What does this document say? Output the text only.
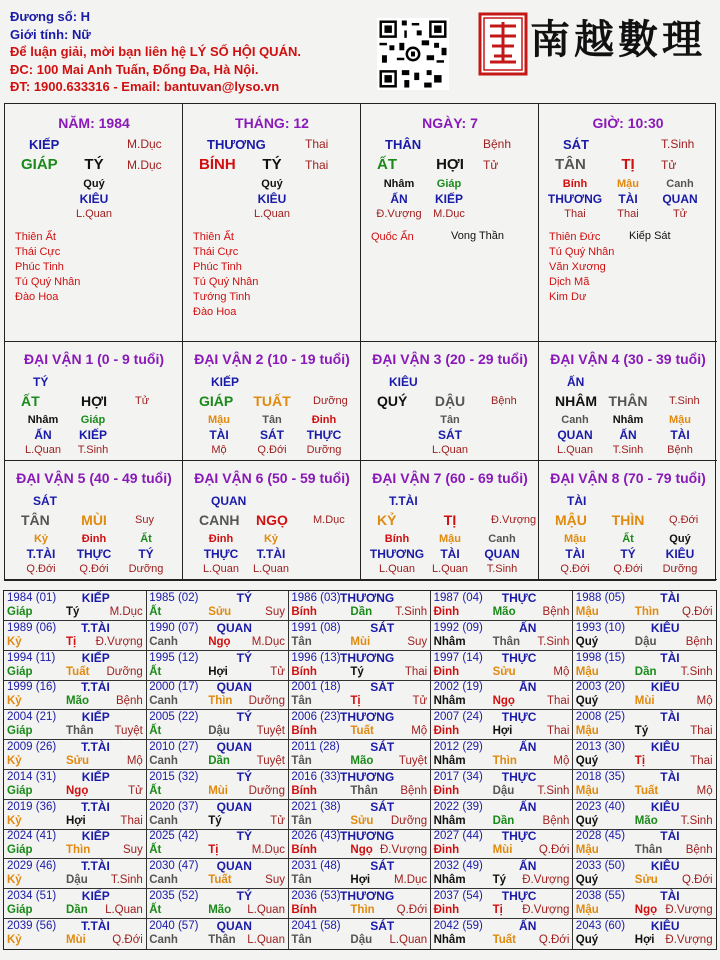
Đương số: H
Giới tính: Nữ
Để luận giải, mời bạn liên hệ LÝ SỐ HỘI QUÁN.
ĐC: 100 Mai Anh Tuấn, Đống Đa, Hà Nội.
ĐT: 1900.633316 - Email: bantuvan@lyso.vn
南越數理
NĂM: 1984
KIẾP	M.Dục
GIÁP TÝ M.Dục
Quý
KIÊU
L.Quan
Thiên Ất
Thái Cực
Phúc Tinh
Tú Quý Nhân
Đào Hoa
THÁNG: 12
THƯƠNG	Thai
BÍNH TÝ Thai
Quý
KIÊU
L.Quan
Thiên Ất
Thái Cực
Phúc Tinh
Tú Quý Nhân
Tướng Tinh
Đào Hoa
NGÀY: 7
THÂN	Bệnh
ẤT	HỢI Tử
Nhâm
ẤN
Đ.Vượng
Giáp
KIẾP
M.Dục
Quốc Ấn	Vong Thần
GIỜ: 10:30
SÁT	T.Sinh
TÂN TỊ Tử
Bính
THƯƠNG
Thai
Mậu
TÀI
Thai
Canh
QUAN
Tử
Thiên Đức
Tú Quý Nhân
Văn Xương
Dịch Mã
Kim Dư
Kiếp Sát
ĐẠI VẬN 1 (0 - 9 tuổi)
TÝ
ẤT	HỢI	Tử
Nhâm
ẤN
L.Quan
Giáp
KIẾP
T.Sinh
ĐẠI VẬN 2 (10 - 19 tuổi)
KIẾP
GIÁP TUẤT Dưỡng
Mậu
TÀI
Mộ
Tân
SÁT
Q.Đới
Đinh
THỰC
Dưỡng
ĐẠI VẬN 3 (20 - 29 tuổi)
KIÊU
QUÝ DẬU Bệnh
Tân
SÁT
L.Quan
ĐẠI VẬN 4 (30 - 39 tuổi)
ẤN
NHÂM THÂN T.Sinh
Canh
QUAN
L.Quan
Nhâm
ẤN
T.Sinh
Mậu
TÀI
Bệnh
ĐẠI VẬN 5 (40 - 49 tuổi)
SÁT
TÂN MÙI	Suy
Kỷ
T.TÀI
Q.Đới
Đinh
THỰC
Q.Đới
Ất
TÝ
Dưỡng
ĐẠI VẬN 6 (50 - 59 tuổi)
QUAN
CANH NGỌ M.Dục
Đinh
THỰC
L.Quan
Kỷ
T.TÀI
L.Quan
ĐẠI VẬN 7 (60 - 69 tuổi)
T.TÀI
KỶ	TỊ	Đ.Vượng
Bính
THƯƠNG
L.Quan
Mậu
TÀI
L.Quan
Canh
QUAN
T.Sinh
ĐẠI VẬN 8 (70 - 79 tuổi)
TÀI
MẬU THÌN Q.Đới
Mậu
TÀI
Q.Đới
Ất
TÝ
Q.Đới
Quý
KIÊU
Dưỡng
1984 (01) KIẾP
Giáp	Tý	M.Dục
1985 (02)	TÝ
Ất	Sửu	Suy
1986 (03) THƯƠNG
Bính	Dần T.Sinh
1987 (04) THỰC
Đinh	Mão Bệnh
1988 (05)	TÀI
Mậu	Thìn Q.Đới
1989 (06) T.TÀI
Kỷ	Tị Đ.Vượng
1990 (07) QUAN
Canh	Ngọ M.Dục
1991 (08) SÁT
Tân	Mùi	Suy
1992 (09)	ẤN
Nhâm Thân T.Sinh
1993 (10) KIÊU
Quý	Dậu	Bệnh
1994 (11) KIẾP
Giáp	Tuất Dưỡng
1995 (12)	TÝ
Ất	Hợi	Tử
1996 (13) THƯƠNG
Bính	Tý	Thai
1997 (14) THỰC
Đinh	Sửu	Mộ
1998 (15)	TÀI
Mậu	Dần T.Sinh
1999 (16) T.TÀI
Kỷ	Mão Bệnh
2000 (17) QUAN
Canh	Thìn Dưỡng
2001 (18) SÁT
Tân	Tị	Tử
2002 (19)	ẤN
Nhâm Ngọ	Thai
2003 (20) KIÊU
Quý	Mùi	Mộ
2004 (21) KIẾP
Giáp	Thân Tuyệt
2005 (22)	TÝ
Ất	Dậu Tuyệt
2006 (23) THƯƠNG
Bính	Tuất	Mộ
2007 (24) THỰC
Đinh	Hợi	Thai
2008 (25)	TÀI
Mậu	Tý	Thai
2009 (26) T.TÀI
Kỷ	Sửu	Mộ
2010 (27) QUAN
Canh	Dần Tuyệt
2011 (28)	SÁT
Tân	Mão Tuyệt
2012 (29)	ẤN
Nhâm Thìn	Mộ
2013 (30) KIÊU
Quý	Tị	Thai
2014 (31) KIẾP
Giáp	Ngọ	Tử
2015 (32)	TÝ
Ất	Mùi Dưỡng
2016 (33) THƯƠNG
Bính	Thân Bệnh
2017 (34) THỰC
Đinh	Dậu T.Sinh
2018 (35)	TÀI
Mậu	Tuất	Mộ
2019 (36) T.TÀI
Kỷ	Hợi	Thai
2020 (37) QUAN
Canh	Tý	Tử
2021 (38) SÁT
Tân	Sửu Dưỡng
2022 (39)	ẤN
Nhâm Dần Bệnh
2023 (40) KIÊU
Quý	Mão T.Sinh
2024 (41) KIẾP
Giáp	Thìn	Suy
2025 (42)	TÝ
Ất	Tị	M.Dục
2026 (43) THƯƠNG
Bính	Ngọ Đ.Vượng
2027 (44) THỰC
Đinh	Mùi Q.Đới
2028 (45)	TÀI
Mậu	Thân Bệnh
2029 (46) T.TÀI
Kỷ	Dậu T.Sinh
2030 (47) QUAN
Canh	Tuất	Suy
2031 (48) SÁT
Tân	Hợi M.Dục
2032 (49)	ẤN
Nhâm Tý Đ.Vượng
2033 (50) KIÊU
Quý	Sửu Q.Đới
2034 (51) KIẾP
Giáp	Dần L.Quan
2035 (52)	TÝ
Ất	Mão L.Quan
2036 (53) THƯƠNG
Bính	Thìn Q.Đới
2037 (54) THỰC
Đinh	Tị Đ.Vượng
2038 (55)	TÀI
Mậu	Ngọ Đ.Vượng
2039 (56) T.TÀI
Kỷ	Mùi Q.Đới
2040 (57) QUAN
Canh	Thân L.Quan
2041 (58) SÁT
Tân	Dậu L.Quan
2042 (59)	ẤN
Nhâm Tuất Q.Đới
2043 (60) KIÊU
Quý	Hợi Đ.Vượng
